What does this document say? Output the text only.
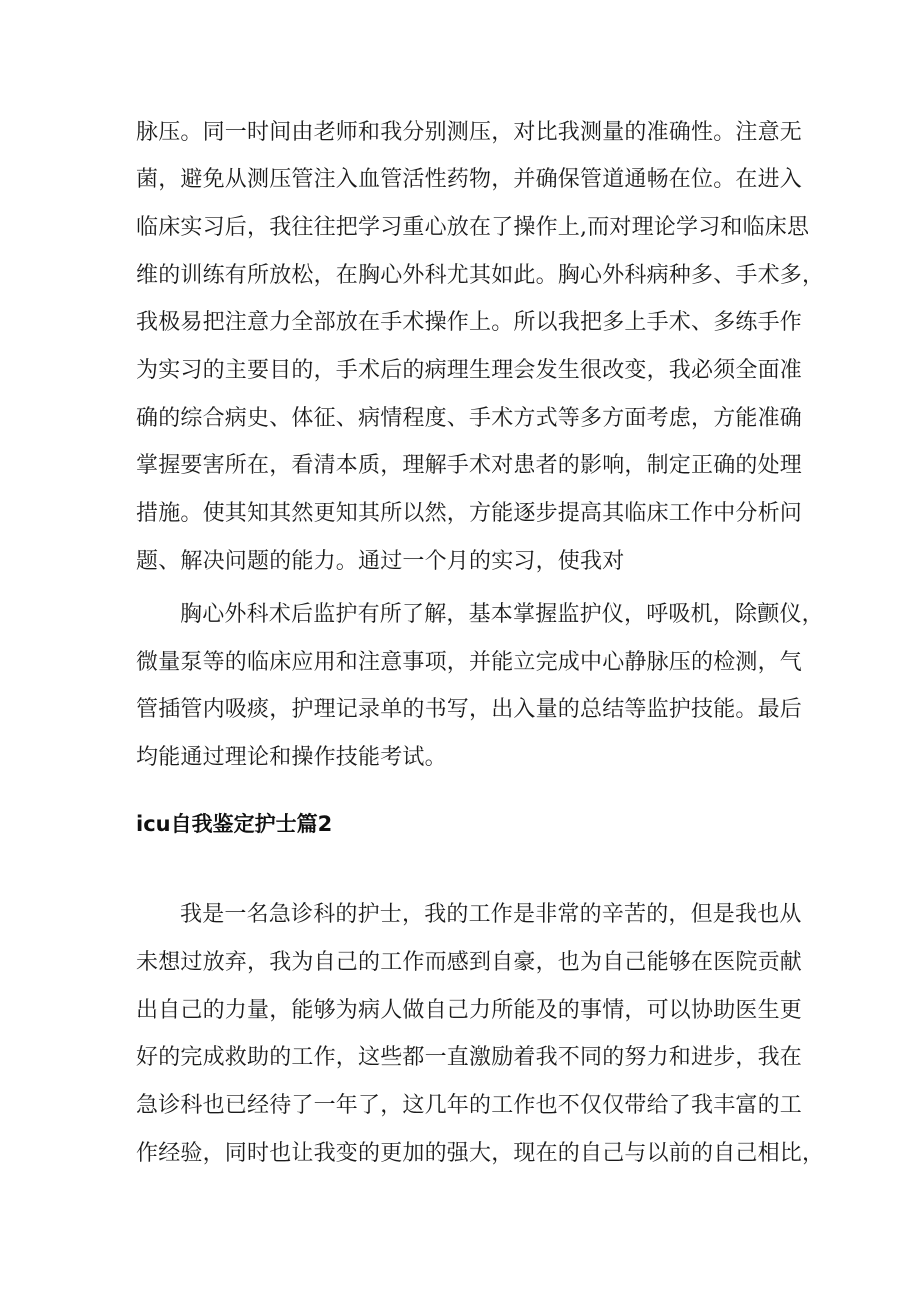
脉压。同一时间由老师和我分别测压，对比我测量的准确性。注意无
菌，避免从测压管注入血管活性药物，并确保管道通畅在位。在进入
临床实习后，我往往把学习重心放在了操作上,而对理论学习和临床思
维的训练有所放松，在胸心外科尤其如此。胸心外科病种多、手术多，
我极易把注意力全部放在手术操作上。所以我把多上手术、多练手作
为实习的主要目的，手术后的病理生理会发生很改变，我必须全面准
确的综合病史、体征、病情程度、手术方式等多方面考虑，方能准确
掌握要害所在，看清本质，理解手术对患者的影响，制定正确的处理
措施。使其知其然更知其所以然，方能逐步提高其临床工作中分析问
题、解决问题的能力。通过一个月的实习，使我对
胸心外科术后监护有所了解，基本掌握监护仪，呼吸机，除颤仪，
微量泵等的临床应用和注意事项，并能立完成中心静脉压的检测，气
管插管内吸痰，护理记录单的书写，出入量的总结等监护技能。最后
均能通过理论和操作技能考试。
icu自我鉴定护士篇2
我是一名急诊科的护士，我的工作是非常的辛苦的，但是我也从
未想过放弃，我为自己的工作而感到自豪，也为自己能够在医院贡献
出自己的力量，能够为病人做自己力所能及的事情，可以协助医生更
好的完成救助的工作，这些都一直激励着我不同的努力和进步，我在
急诊科也已经待了一年了，这几年的工作也不仅仅带给了我丰富的工
作经验，同时也让我变的更加的强大，现在的自己与以前的自己相比，
